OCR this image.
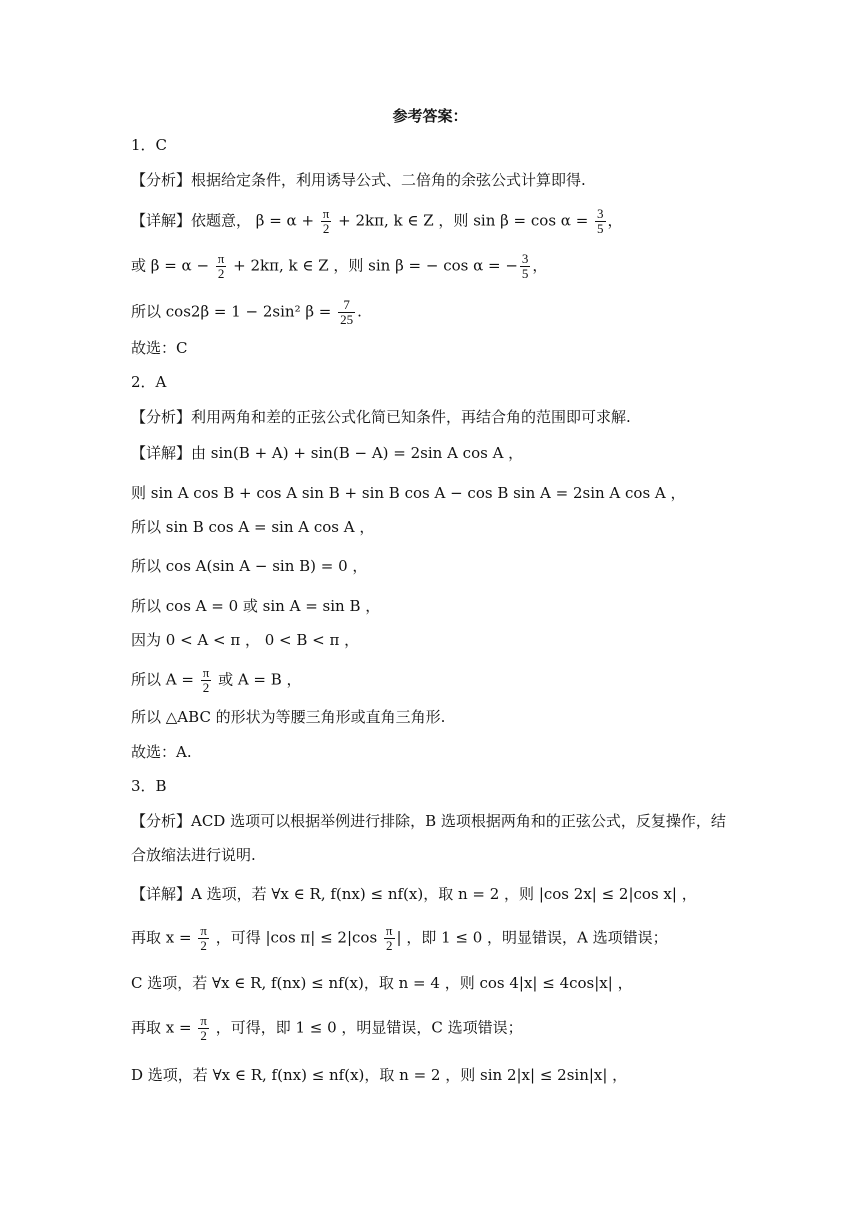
参考答案：
1．C
【分析】根据给定条件，利用诱导公式、二倍角的余弦公式计算即得.
【详解】依题意， $\beta = \alpha + \frac{\pi}{2} + 2k\pi$, k ∈ Z ，则 $\sin \beta = \cos \alpha = \frac{3}{5}$ ，
或 $\beta = \alpha - \frac{\pi}{2} + 2k\pi$, k ∈ Z ，则 sin β = − cos α = − $\frac{3}{5}$ ，
所以 cos2β = 1 − 2sin² $\beta = \frac{7}{25}$ .
故选：C
2．A
【分析】利用两角和差的正弦公式化简已知条件，再结合角的范围即可求解.
【详解】由 sin(B + A) + sin(B − A) = 2sin A cos A ，
则 sin A cos B + cos A sin B + sin B cos A − cos B sin A = 2sin A cos A ，
所以 sin B cos A = sin A cos A ，
所以 cos A(sin A − sin B) = 0 ，
所以 cos A = 0 或 sin A = sin B ，
因为 0 < A < π ， 0 < B < π ，
所以 $A = \frac{\pi}{2}$ 或 A = B ，
所以 △ABC 的形状为等腰三角形或直角三角形.
故选：A.
3．B
【分析】ACD 选项可以根据举例进行排除，B 选项根据两角和的正弦公式，反复操作，结
合放缩法进行说明.
【详解】A 选项，若 ∀x ∈ R, f(nx) ≤ nf(x)，取 n = 2 ，则 |cos 2x| ≤ 2|cos x| ，
再取 $x = \frac{\pi}{2}$ ，可得 |cos $\pi| \le 2|\cos \frac{\pi}{2}$ | ，即 1 ≤ 0 ，明显错误，A 选项错误；
C 选项，若 ∀x ∈ R, f(nx) ≤ nf(x)，取 n = 4 ，则 cos 4|x| ≤ 4cos|x| ，
再取 $x = \frac{\pi}{2}$ ，可得，即 1 ≤ 0 ，明显错误，C 选项错误；
D 选项，若 ∀x ∈ R, f(nx) ≤ nf(x)，取 n = 2 ，则 sin 2|x| ≤ 2sin|x| ，
